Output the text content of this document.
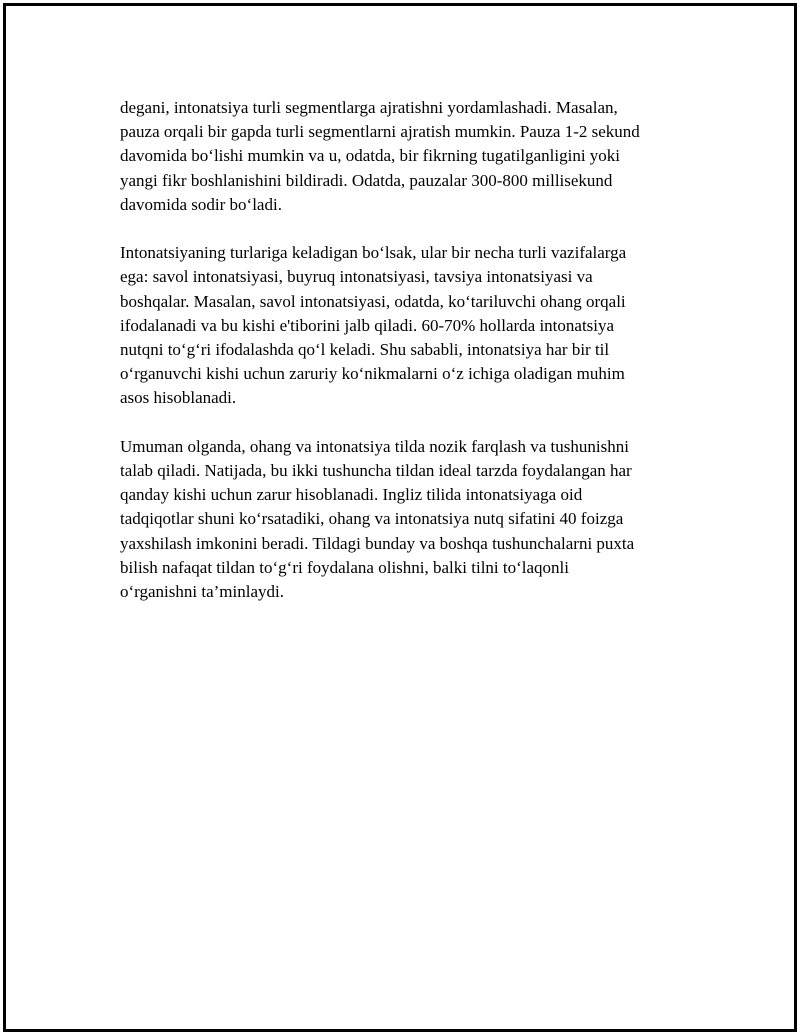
degani, intonatsiya turli segmentlarga ajratishni yordamlashadi. Masalan,
pauza orqali bir gapda turli segmentlarni ajratish mumkin. Pauza 1-2 sekund
davomida bo‘lishi mumkin va u, odatda, bir fikrning tugatilganligini yoki
yangi fikr boshlanishini bildiradi. Odatda, pauzalar 300-800 millisekund
davomida sodir bo‘ladi.

Intonatsiyaning turlariga keladigan bo‘lsak, ular bir necha turli vazifalarga
ega: savol intonatsiyasi, buyruq intonatsiyasi, tavsiya intonatsiyasi va
boshqalar. Masalan, savol intonatsiyasi, odatda, ko‘tariluvchi ohang orqali
ifodalanadi va bu kishi e'tiborini jalb qiladi. 60-70% hollarda intonatsiya
nutqni to‘g‘ri ifodalashda qo‘l keladi. Shu sababli, intonatsiya har bir til
o‘rganuvchi kishi uchun zaruriy ko‘nikmalarni o‘z ichiga oladigan muhim
asos hisoblanadi.

Umuman olganda, ohang va intonatsiya tilda nozik farqlash va tushunishni
talab qiladi. Natijada, bu ikki tushuncha tildan ideal tarzda foydalangan har
qanday kishi uchun zarur hisoblanadi. Ingliz tilida intonatsiyaga oid
tadqiqotlar shuni ko‘rsatadiki, ohang va intonatsiya nutq sifatini 40 foizga
yaxshilash imkonini beradi. Tildagi bunday va boshqa tushunchalarni puxta
bilish nafaqat tildan to‘g‘ri foydalana olishni, balki tilni to‘laqonli
o‘rganishni ta’minlaydi.
